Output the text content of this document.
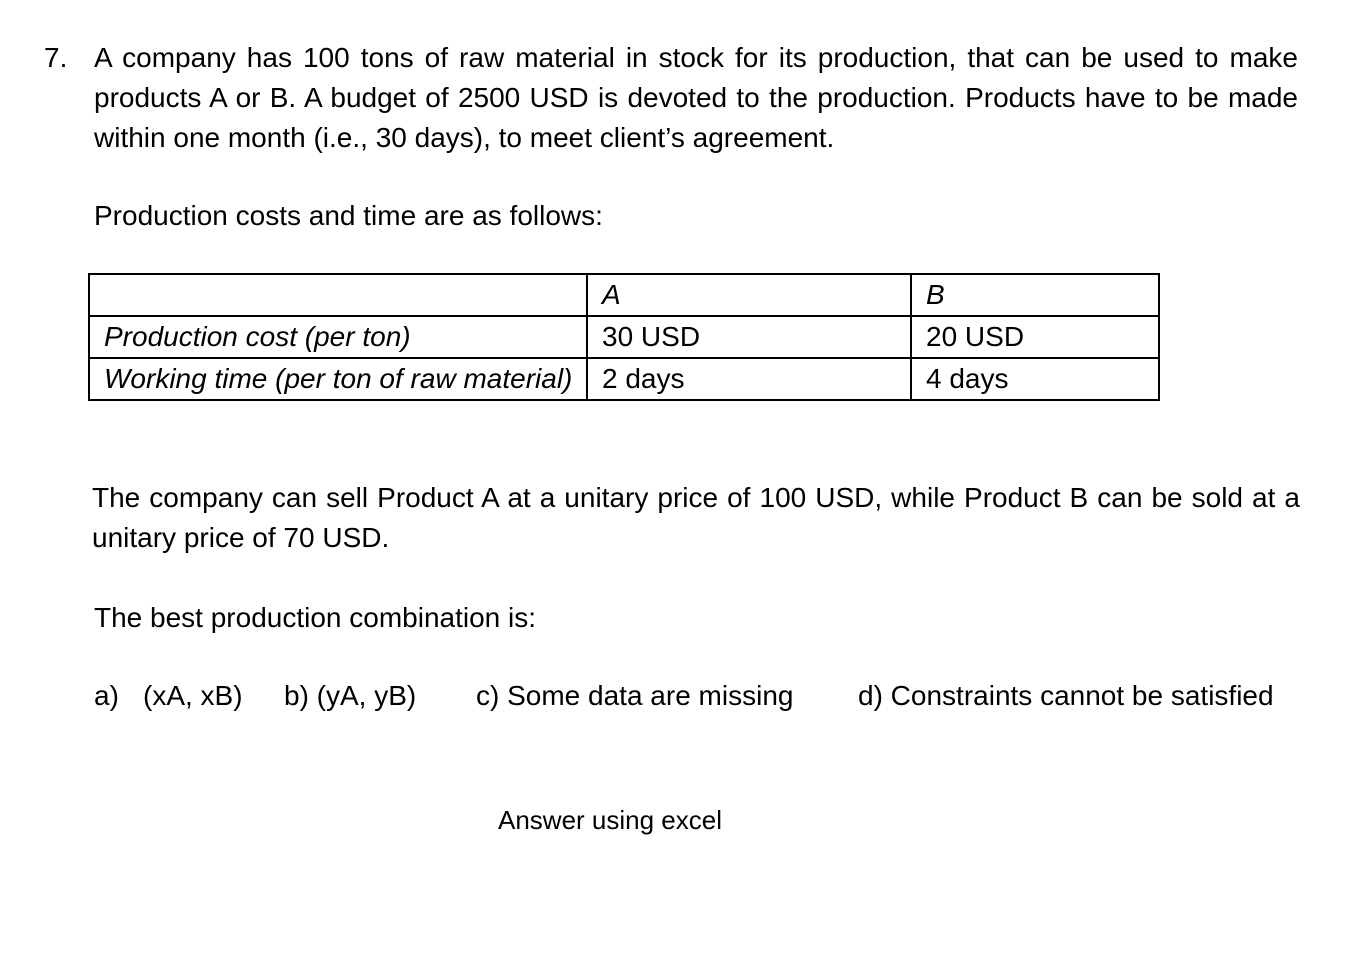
7. A company has 100 tons of raw material in stock for its production, that can be used to make products A or B. A budget of 2500 USD is devoted to the production. Products have to be made within one month (i.e., 30 days), to meet client’s agreement.
Production costs and time are as follows:
	A	B
Production cost (per ton)	30 USD	20 USD
Working time (per ton of raw material)	2 days	4 days
The company can sell Product A at a unitary price of 100 USD, while Product B can be sold at a unitary price of 70 USD.
The best production combination is:
a) (xA, xB) b) (yA, yB) c) Some data are missing d) Constraints cannot be satisfied
Answer using excel
